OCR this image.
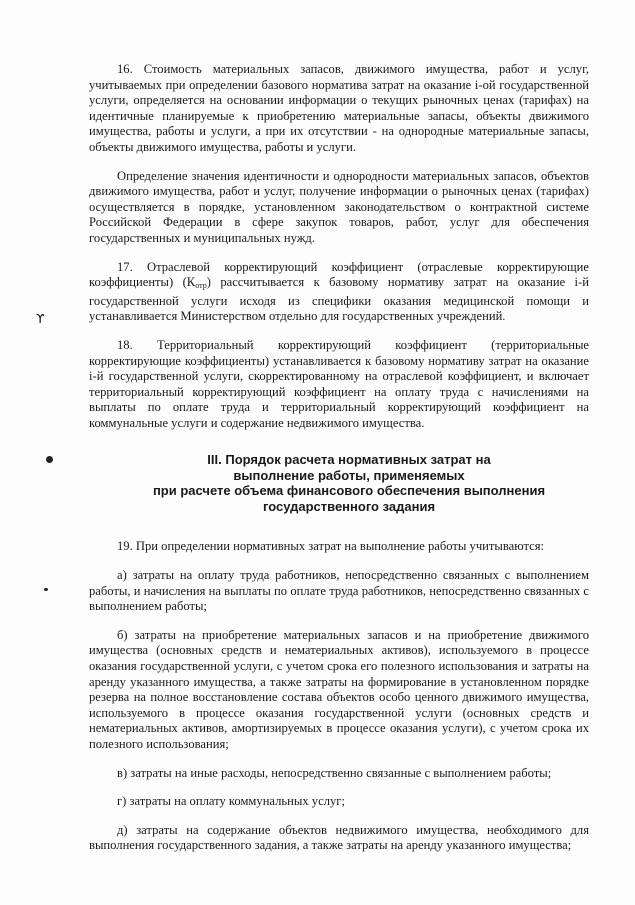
ϒ

16. Стоимость материальных запасов, движимого имущества, работ и услуг, учитываемых при определении базового норматива затрат на оказание i-ой государственной услуги, определяется на основании информации о текущих рыночных ценах (тарифах) на идентичные планируемые к приобретению материальные запасы, объекты движимого имущества, работы и услуги, а при их отсутствии - на однородные материальные запасы, объекты движимого имущества, работы и услуги.

Определение значения идентичности и однородности материальных запасов, объектов движимого имущества, работ и услуг, получение информации о рыночных ценах (тарифах) осуществляется в порядке, установленном законодательством о контрактной системе Российской Федерации в сфере закупок товаров, работ, услуг для обеспечения государственных и муниципальных нужд.

17. Отраслевой корректирующий коэффициент (отраслевые корректирующие коэффициенты) $(К_{отр})$ рассчитывается к базовому нормативу затрат на оказание i-й государственной услуги исходя из специфики оказания медицинской помощи и устанавливается Министерством отдельно для государственных учреждений.

18. Территориальный корректирующий коэффициент (территориальные корректирующие коэффициенты) устанавливается к базовому нормативу затрат на оказание i-й государственной услуги, скорректированному на отраслевой коэффициент, и включает территориальный корректирующий коэффициент на оплату труда с начислениями на выплаты по оплате труда и территориальный корректирующий коэффициент на коммунальные услуги и содержание недвижимого имущества.

III. Порядок расчета нормативных затрат на
выполнение работы, применяемых
при расчете объема финансового обеспечения выполнения
государственного задания

19. При определении нормативных затрат на выполнение работы учитываются:

а) затраты на оплату труда работников, непосредственно связанных с выполнением работы, и начисления на выплаты по оплате труда работников, непосредственно связанных с выполнением работы;

б) затраты на приобретение материальных запасов и на приобретение движимого имущества (основных средств и нематериальных активов), используемого в процессе оказания государственной услуги, с учетом срока его полезного использования и затраты на аренду указанного имущества, а также затраты на формирование в установленном порядке резерва на полное восстановление состава объектов особо ценного движимого имущества, используемого в процессе оказания государственной услуги (основных средств и нематериальных активов, амортизируемых в процессе оказания услуги), с учетом срока их полезного использования;

в) затраты на иные расходы, непосредственно связанные с выполнением работы;

г) затраты на оплату коммунальных услуг;

д) затраты на содержание объектов недвижимого имущества, необходимого для выполнения государственного задания, а также затраты на аренду указанного имущества;
